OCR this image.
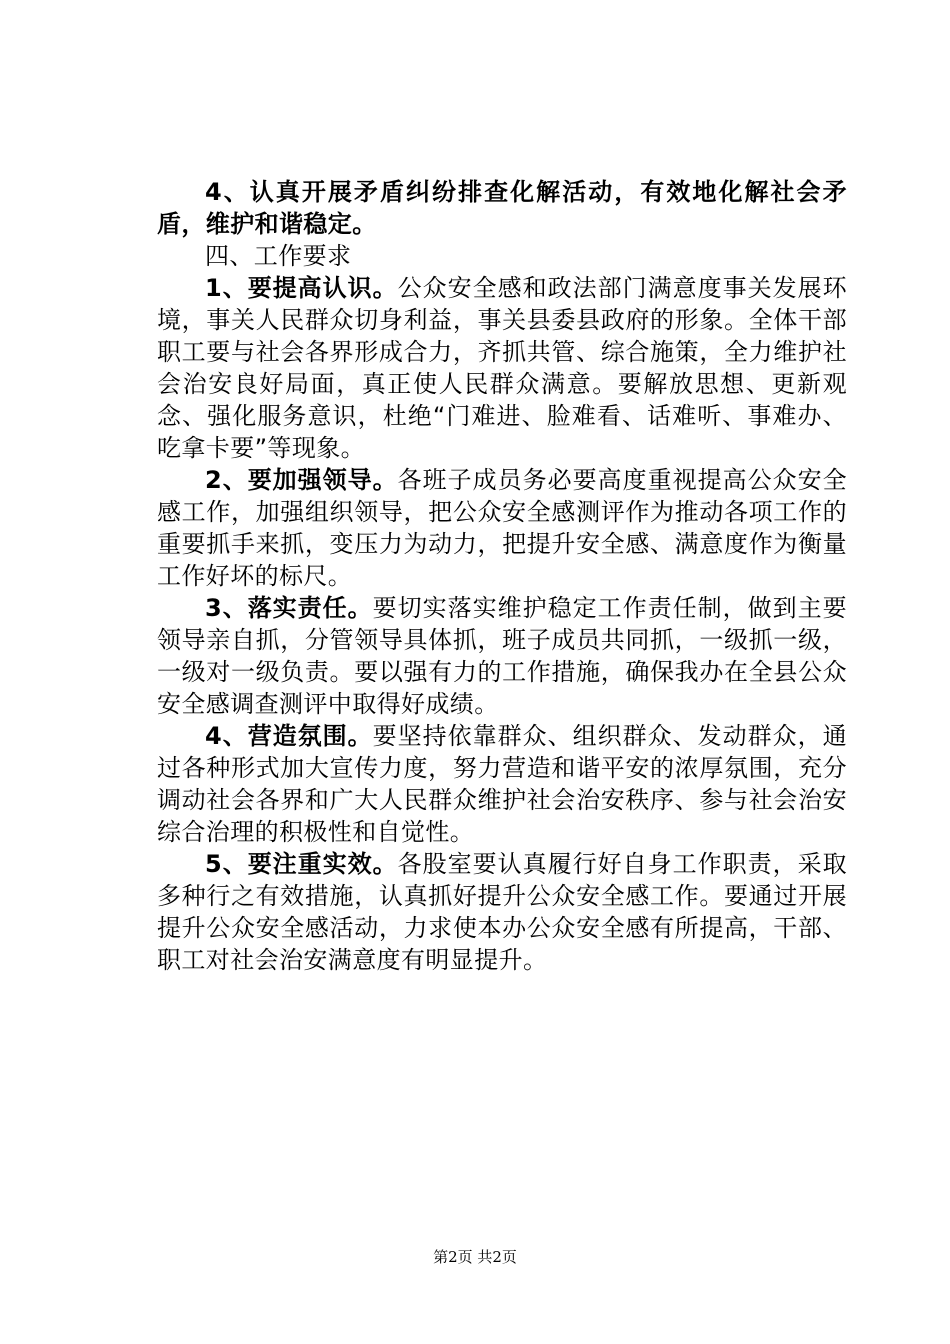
4、认真开展矛盾纠纷排查化解活动，有效地化解社会矛盾，维护和谐稳定。

四、工作要求

1、要提高认识。公众安全感和政法部门满意度事关发展环境，事关人民群众切身利益，事关县委县政府的形象。全体干部职工要与社会各界形成合力，齐抓共管、综合施策，全力维护社会治安良好局面，真正使人民群众满意。要解放思想、更新观念、强化服务意识，杜绝“门难进、脸难看、话难听、事难办、吃拿卡要”等现象。

2、要加强领导。各班子成员务必要高度重视提高公众安全感工作，加强组织领导，把公众安全感测评作为推动各项工作的重要抓手来抓，变压力为动力，把提升安全感、满意度作为衡量工作好坏的标尺。

3、落实责任。要切实落实维护稳定工作责任制，做到主要领导亲自抓，分管领导具体抓，班子成员共同抓，一级抓一级，一级对一级负责。要以强有力的工作措施，确保我办在全县公众安全感调查测评中取得好成绩。

4、营造氛围。要坚持依靠群众、组织群众、发动群众，通过各种形式加大宣传力度，努力营造和谐平安的浓厚氛围，充分调动社会各界和广大人民群众维护社会治安秩序、参与社会治安综合治理的积极性和自觉性。

5、要注重实效。各股室要认真履行好自身工作职责，采取多种行之有效措施，认真抓好提升公众安全感工作。要通过开展提升公众安全感活动，力求使本办公众安全感有所提高，干部、职工对社会治安满意度有明显提升。

第2页 共2页
